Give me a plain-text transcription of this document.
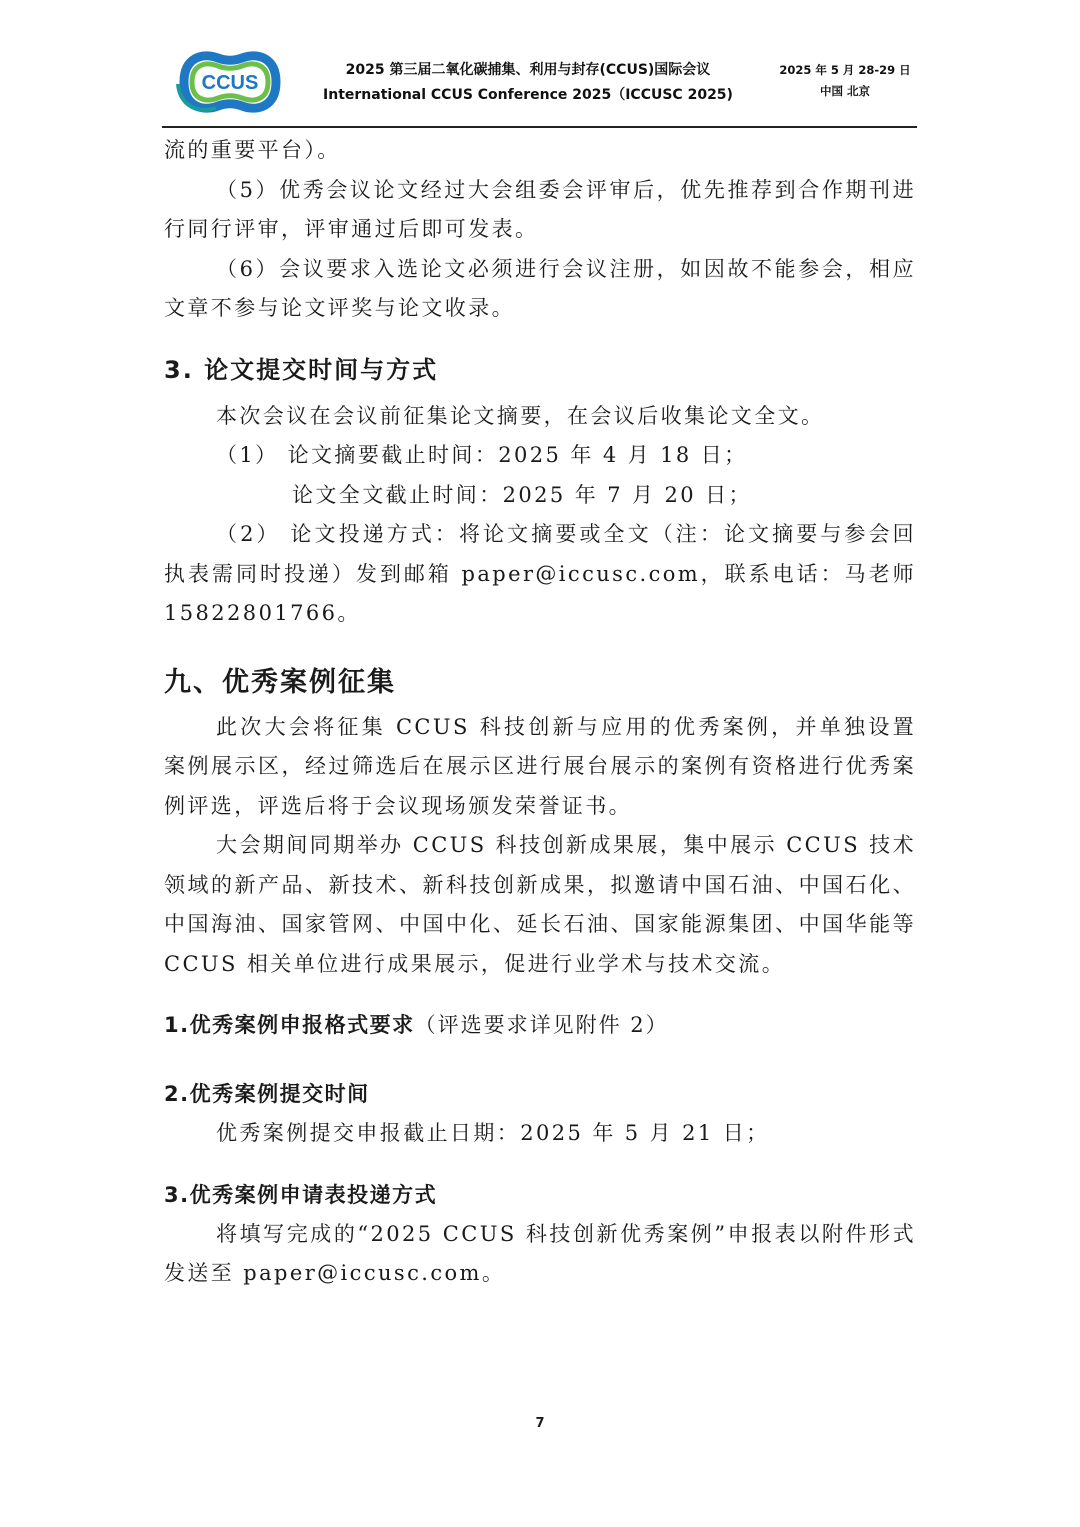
CCUS
2025 第三届二氧化碳捕集、利用与封存(CCUS)国际会议
International CCUS Conference 2025（ICCUSC 2025)
2025 年 5 月 28-29 日
中国 北京

流的重要平台）。

（5）优秀会议论文经过大会组委会评审后，优先推荐到合作期刊进行同行评审，评审通过后即可发表。

（6）会议要求入选论文必须进行会议注册，如因故不能参会，相应文章不参与论文评奖与论文收录。

3. 论文提交时间与方式

本次会议在会议前征集论文摘要，在会议后收集论文全文。

（1） 论文摘要截止时间：2025 年 4 月 18 日；

论文全文截止时间：2025 年 7 月 20 日；

（2） 论文投递方式：将论文摘要或全文（注：论文摘要与参会回执表需同时投递）发到邮箱 paper@iccusc.com，联系电话：马老师 15822801766。

九、优秀案例征集

此次大会将征集 CCUS 科技创新与应用的优秀案例，并单独设置案例展示区，经过筛选后在展示区进行展台展示的案例有资格进行优秀案例评选，评选后将于会议现场颁发荣誉证书。

大会期间同期举办 CCUS 科技创新成果展，集中展示 CCUS 技术领域的新产品、新技术、新科技创新成果，拟邀请中国石油、中国石化、中国海油、国家管网、中国中化、延长石油、国家能源集团、中国华能等 CCUS 相关单位进行成果展示，促进行业学术与技术交流。

1.优秀案例申报格式要求（评选要求详见附件 2）
2.优秀案例提交时间

优秀案例提交申报截止日期：2025 年 5 月 21 日；

3.优秀案例申请表投递方式

将填写完成的“2025 CCUS 科技创新优秀案例”申报表以附件形式发送至 paper@iccusc.com。

7
